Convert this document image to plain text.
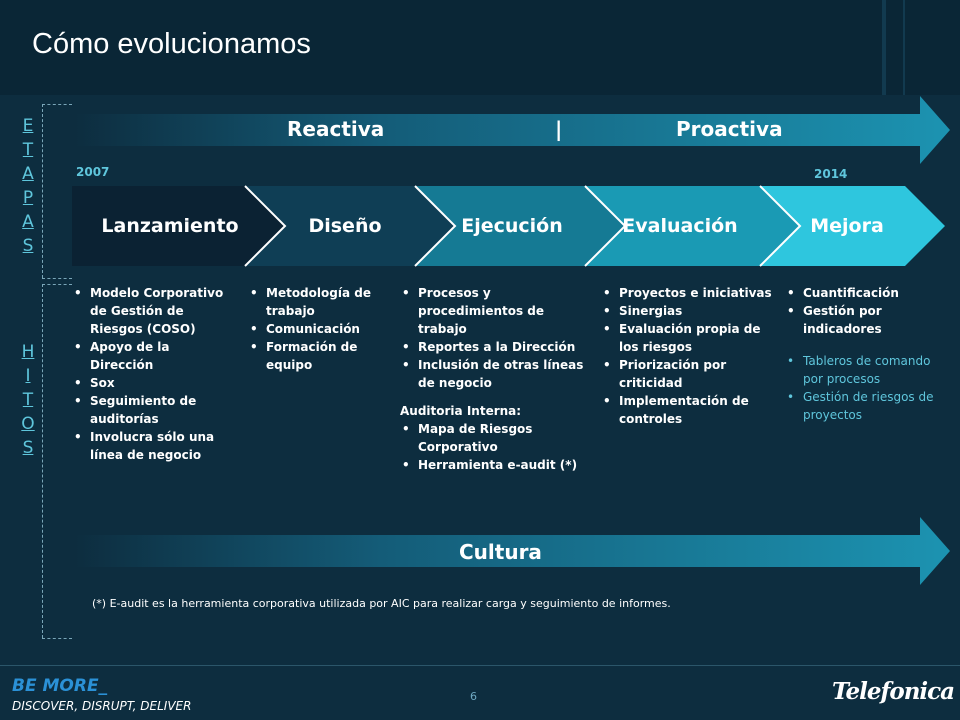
Cómo evolucionamos
E
T
A
P
A
S
H
I
T
O
S
Reactiva	|	Proactiva
2007	2014
Lanzamiento	Diseño	Ejecución	Evaluación	Mejora
• Modelo Corporativo de Gestión de Riesgos (COSO)
• Apoyo de la Dirección
• Sox
• Seguimiento de auditorías
• Involucra sólo una línea de negocio
• Metodología de trabajo
• Comunicación
• Formación de equipo
• Procesos y procedimientos de trabajo
• Reportes a la Dirección
• Inclusión de otras líneas de negocio
Auditoria Interna:
• Mapa de Riesgos Corporativo
• Herramienta e-audit (*)
• Proyectos e iniciativas
• Sinergias
• Evaluación propia de los riesgos
• Priorización por criticidad
• Implementación de controles
• Cuantificación
• Gestión por indicadores
• Tableros de comando por procesos
• Gestión de riesgos de proyectos
Cultura
(*) E-audit es la herramienta corporativa utilizada por AIC para realizar carga y seguimiento de informes.
BE MORE_
DISCOVER, DISRUPT, DELIVER
6	Telefonica
